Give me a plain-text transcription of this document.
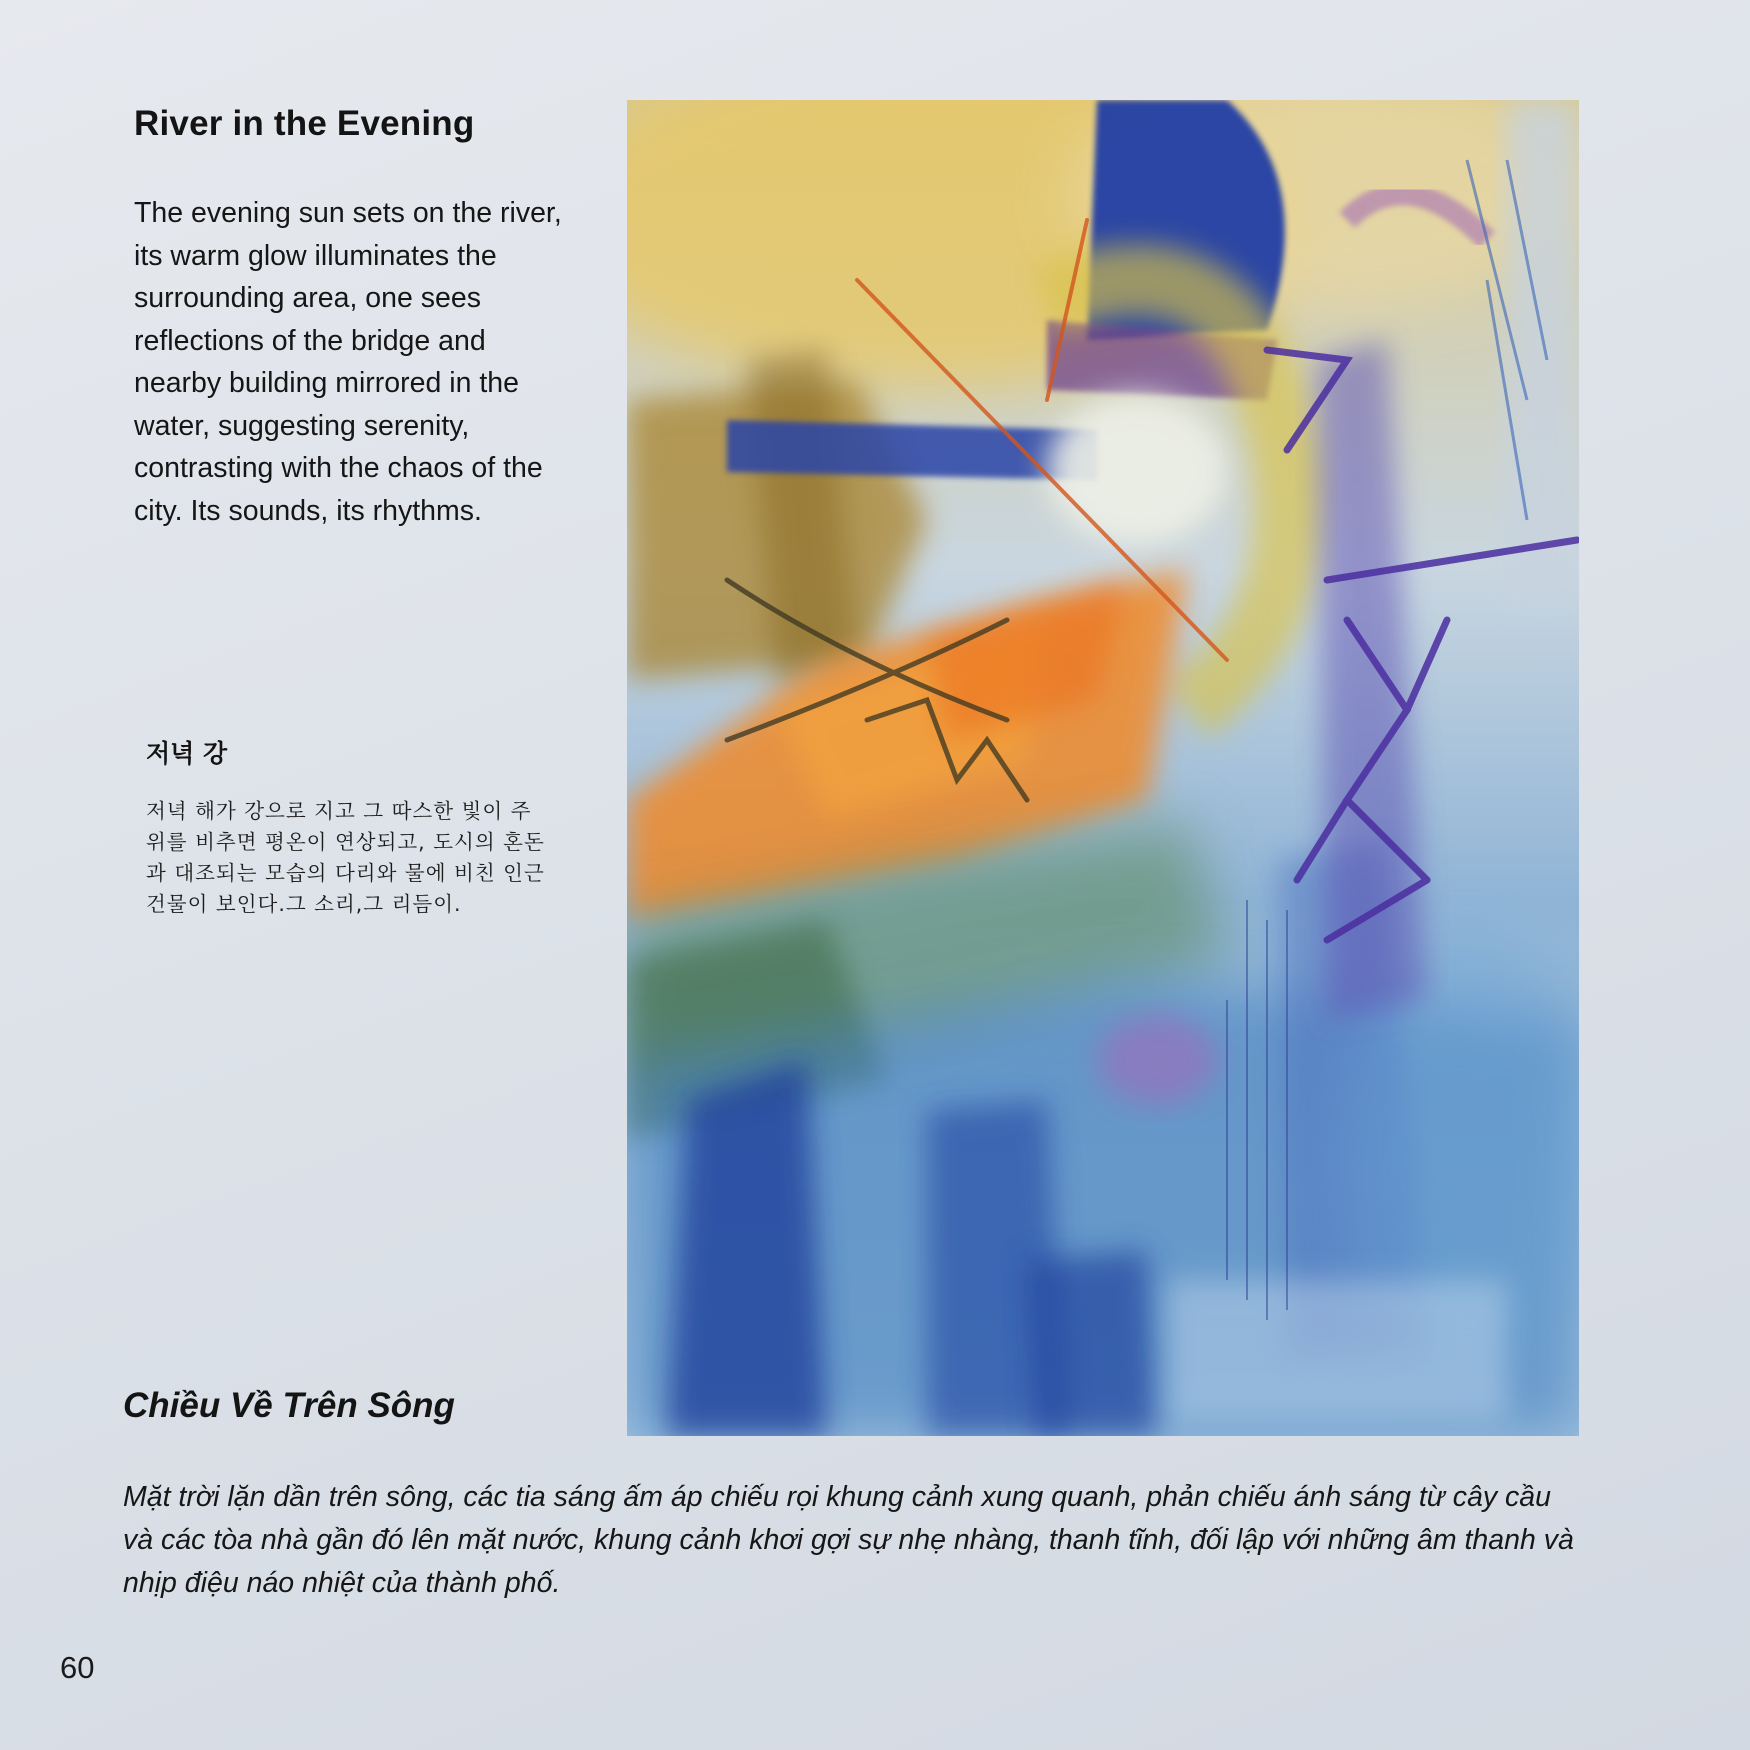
River in the Evening

The evening sun sets on the river, its warm glow illuminates the surrounding area, one sees reflections of the bridge and nearby building mirrored in the water, suggesting serenity, contrasting with the chaos of the city. Its sounds, its rhythms.

저녁 강

저녁 해가 강으로 지고 그 따스한 빛이 주위를 비추면 평온이 연상되고, 도시의 혼돈과 대조되는 모습의 다리와 물에 비친 인근 건물이 보인다.그 소리,그 리듬이.

Chiều Về Trên Sông

Mặt trời lặn dần trên sông, các tia sáng ấm áp chiếu rọi khung cảnh xung quanh, phản chiếu ánh sáng từ cây cầu và các tòa nhà gần đó lên mặt nước, khung cảnh khơi gợi sự nhẹ nhàng, thanh tĩnh, đối lập với những âm thanh và nhịp điệu náo nhiệt của thành phố.

60
